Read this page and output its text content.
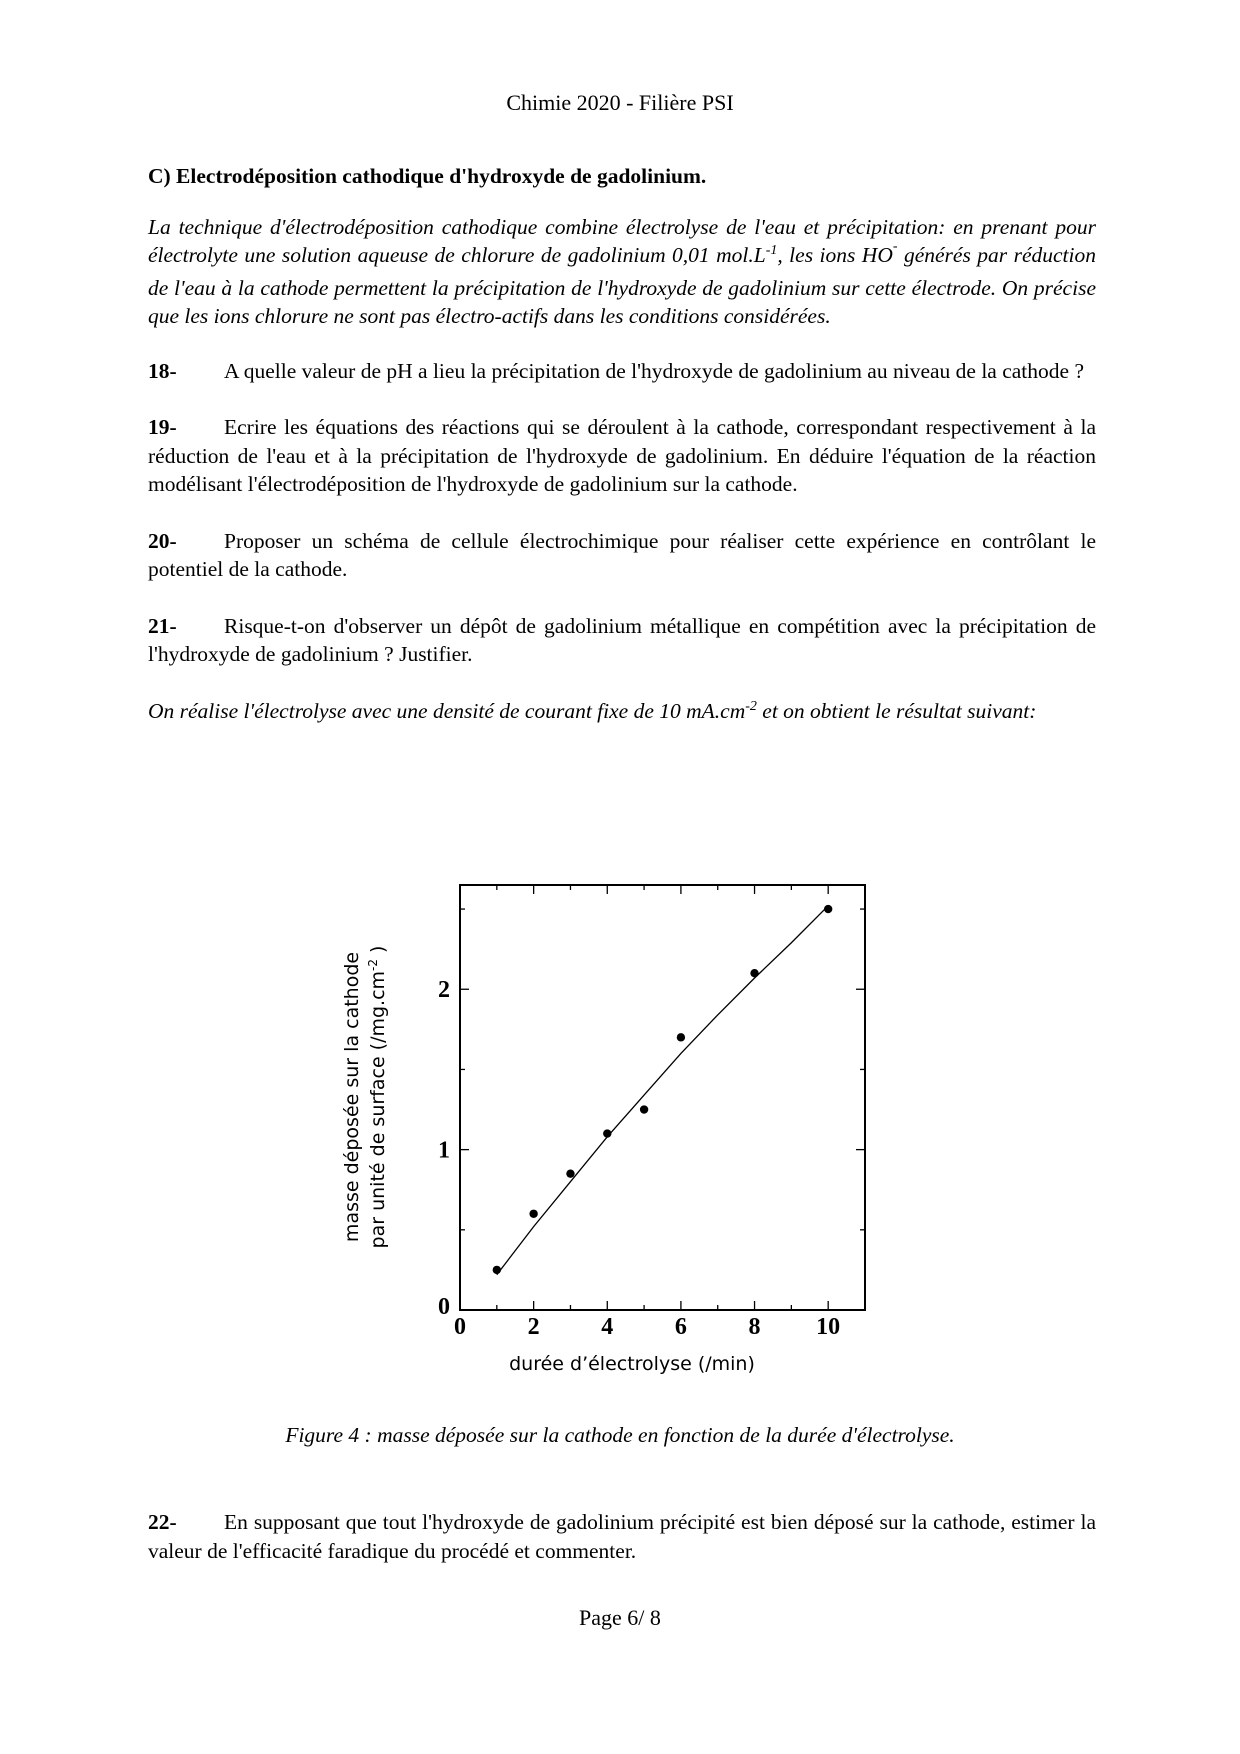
Chimie 2020 - Filière PSI
C) Electrodéposition cathodique d'hydroxyde de gadolinium.

La technique d'électrodéposition cathodique combine électrolyse de l'eau et précipitation: en prenant pour électrolyte une solution aqueuse de chlorure de gadolinium 0,01 $mol.L^{-1}$, les ions HO- générés par réduction de l'eau à la cathode permettent la précipitation de l'hydroxyde de gadolinium sur cette électrode. On précise que les ions chlorure ne sont pas électro-actifs dans les conditions considérées.

18- A quelle valeur de pH a lieu la précipitation de l'hydroxyde de gadolinium au niveau de la cathode ?

19- Ecrire les équations des réactions qui se déroulent à la cathode, correspondant respectivement à la réduction de l'eau et à la précipitation de l'hydroxyde de gadolinium. En déduire l'équation de la réaction modélisant l'électrodéposition de l'hydroxyde de gadolinium sur la cathode.

20- Proposer un schéma de cellule électrochimique pour réaliser cette expérience en contrôlant le potentiel de la cathode.

21- Risque-t-on d'observer un dépôt de gadolinium métallique en compétition avec la précipitation de l'hydroxyde de gadolinium ? Justifier.

On réalise l'électrolyse avec une densité de courant fixe de 10 $mA.cm^{-2}$ et on obtient le résultat suivant:

0	2	4	6	8 10
0
1
2
masse déposée sur la cathode par unité de surface ($/mg.cm^{-2}$ )
durée d’électrolyse (/min)
Figure 4 : masse déposée sur la cathode en fonction de la durée d'électrolyse.

22- En supposant que tout l'hydroxyde de gadolinium précipité est bien déposé sur la cathode, estimer la valeur de l'efficacité faradique du procédé et commenter.

Page 6/ 8
